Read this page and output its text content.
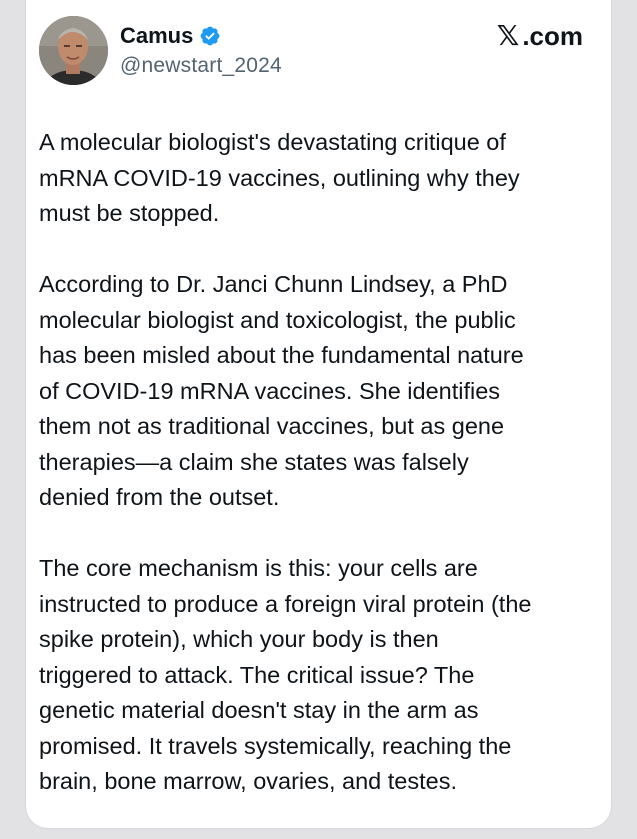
Camus
@newstart_2024
𝕏 .com

A molecular biologist's devastating critique of
mRNA COVID-19 vaccines, outlining why they
must be stopped.

According to Dr. Janci Chunn Lindsey, a PhD
molecular biologist and toxicologist, the public
has been misled about the fundamental nature
of COVID-19 mRNA vaccines. She identifies
them not as traditional vaccines, but as gene
therapies—a claim she states was falsely
denied from the outset.

The core mechanism is this: your cells are
instructed to produce a foreign viral protein (the
spike protein), which your body is then
triggered to attack. The critical issue? The
genetic material doesn't stay in the arm as
promised. It travels systemically, reaching the
brain, bone marrow, ovaries, and testes.
